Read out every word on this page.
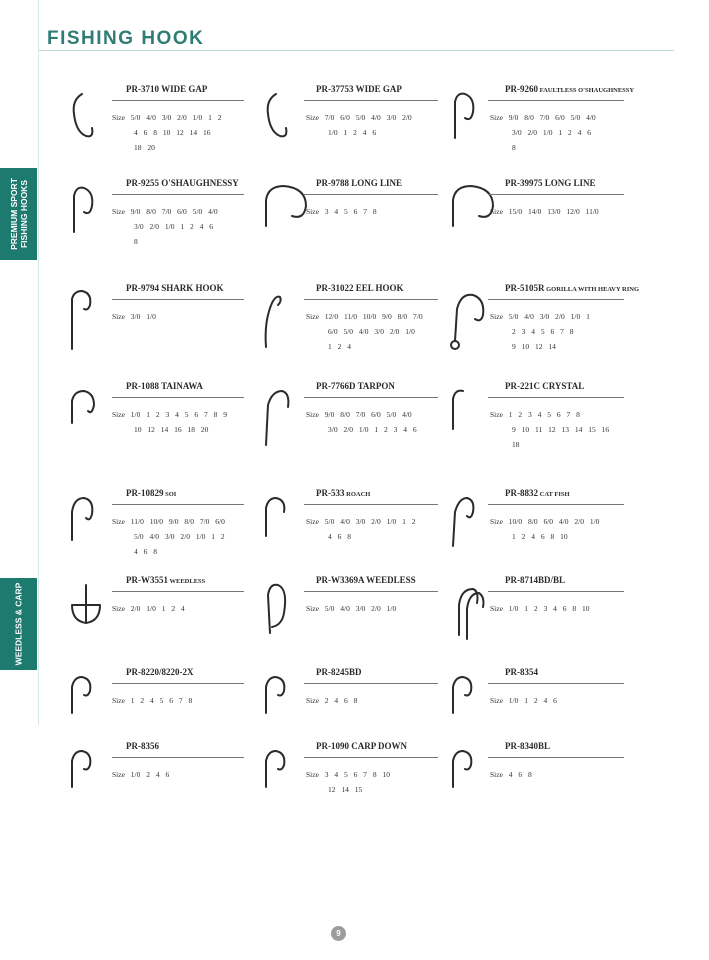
FISHING HOOK
PREMIUM SPORT
FISHING HOOKS
WEEDLESS & CARP
PR-3710 WIDE GAP
Size 5/0 4/0 3/0 2/0 1/0 1 2
4 6 8 10 12 14 16
18 20
PR-37753 WIDE GAP
Size 7/0 6/0 5/0 4/0 3/0 2/0
1/0 1 2 4 6
PR-9260 FAULTLESS O'SHAUGHNESSY
Size 9/0 8/0 7/0 6/0 5/0 4/0
3/0 2/0 1/0 1 2 4 6
8
PR-9255 O'SHAUGHNESSY
Size 9/0 8/0 7/0 6/0 5/0 4/0
3/0 2/0 1/0 1 2 4 6
8
PR-9788 LONG LINE
Size 3 4 5 6 7 8
PR-39975 LONG LINE
Size 15/0 14/0 13/0 12/0 11/0
PR-9794 SHARK HOOK
Size 3/0 1/0
PR-31022 EEL HOOK
Size 12/0 11/0 10/0 9/0 8/0 7/0
6/0 5/0 4/0 3/0 2/0 1/0
1 2 4
PR-5105R GORILLA WITH HEAVY RING
Size 5/0 4/0 3/0 2/0 1/0 1
2 3 4 5 6 7 8
9 10 12 14
PR-1088 TAINAWA
Size 1/0 1 2 3 4 5 6 7 8 9
10 12 14 16 18 20
PR-7766D TARPON
Size 9/0 8/0 7/0 6/0 5/0 4/0
3/0 2/0 1/0 1 2 3 4 6
PR-221C CRYSTAL
Size 1 2 3 4 5 6 7 8
9 10 11 12 13 14 15 16
18
PR-10829 SOI
Size 11/0 10/0 9/0 8/0 7/0 6/0
5/0 4/0 3/0 2/0 1/0 1 2
4 6 8
PR-533 ROACH
Size 5/0 4/0 3/0 2/0 1/0 1 2
4 6 8
PR-8832 CAT FISH
Size 10/0 8/0 6/0 4/0 2/0 1/0
1 2 4 6 8 10
PR-W3551 WEEDLESS
Size 2/0 1/0 1 2 4
PR-W3369A WEEDLESS
Size 5/0 4/0 3/0 2/0 1/0
PR-8714BD/BL
Size 1/0 1 2 3 4 6 8 10
PR-8220/8220-2X
Size 1 2 4 5 6 7 8
PR-8245BD
Size 2 4 6 8
PR-8354
Size 1/0 1 2 4 6
PR-8356
Size 1/0 2 4 6
PR-1090 CARP DOWN
Size 3 4 5 6 7 8 10
12 14 15
PR-8340BL
Size 4 6 8
9
